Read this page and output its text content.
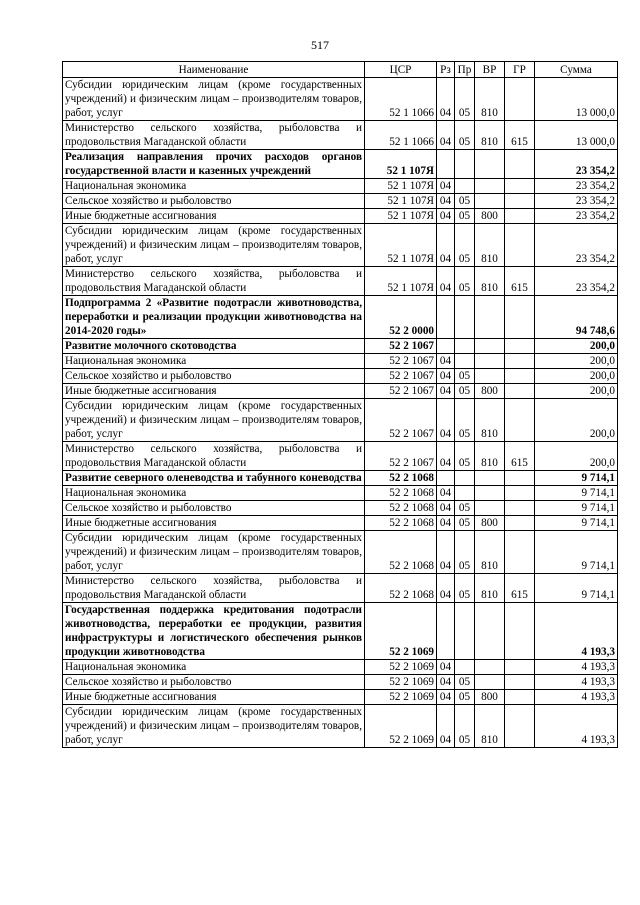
517
Наименование	ЦСР	Рз	Пр	ВР	ГР	Сумма
Субсидии юридическим лицам (кроме государственных учреждений) и физическим лицам – производителям товаров, работ, услуг	52 1 1066	04	05	810		13 000,0
Министерство сельского хозяйства, рыболовства и продовольствия Магаданской области	52 1 1066	04	05	810	615	13 000,0
Реализация направления прочих расходов органов государственной власти и казенных учреждений	52 1 107Я					23 354,2
Национальная экономика	52 1 107Я	04				23 354,2
Сельское хозяйство и рыболовство	52 1 107Я	04	05			23 354,2
Иные бюджетные ассигнования	52 1 107Я	04	05	800		23 354,2
Субсидии юридическим лицам (кроме государственных учреждений) и физическим лицам – производителям товаров, работ, услуг	52 1 107Я	04	05	810		23 354,2
Министерство сельского хозяйства, рыболовства и продовольствия Магаданской области	52 1 107Я	04	05	810	615	23 354,2
Подпрограмма 2 «Развитие подотрасли животноводства, переработки и реализации продукции животноводства на 2014-2020 годы»	52 2 0000					94 748,6
Развитие молочного скотоводства	52 2 1067					200,0
Национальная экономика	52 2 1067	04				200,0
Сельское хозяйство и рыболовство	52 2 1067	04	05			200,0
Иные бюджетные ассигнования	52 2 1067	04	05	800		200,0
Субсидии юридическим лицам (кроме государственных учреждений) и физическим лицам – производителям товаров, работ, услуг	52 2 1067	04	05	810		200,0
Министерство сельского хозяйства, рыболовства и продовольствия Магаданской области	52 2 1067	04	05	810	615	200,0
Развитие северного оленеводства и табунного коневодства	52 2 1068					9 714,1
Национальная экономика	52 2 1068	04				9 714,1
Сельское хозяйство и рыболовство	52 2 1068	04	05			9 714,1
Иные бюджетные ассигнования	52 2 1068	04	05	800		9 714,1
Субсидии юридическим лицам (кроме государственных учреждений) и физическим лицам – производителям товаров, работ, услуг	52 2 1068	04	05	810		9 714,1
Министерство сельского хозяйства, рыболовства и продовольствия Магаданской области	52 2 1068	04	05	810	615	9 714,1
Государственная поддержка кредитования подотрасли животноводства, переработки ее продукции, развития инфраструктуры и логистического обеспечения рынков продукции животноводства	52 2 1069					4 193,3
Национальная экономика	52 2 1069	04				4 193,3
Сельское хозяйство и рыболовство	52 2 1069	04	05			4 193,3
Иные бюджетные ассигнования	52 2 1069	04	05	800		4 193,3
Субсидии юридическим лицам (кроме государственных учреждений) и физическим лицам – производителям товаров, работ, услуг	52 2 1069	04	05	810		4 193,3
